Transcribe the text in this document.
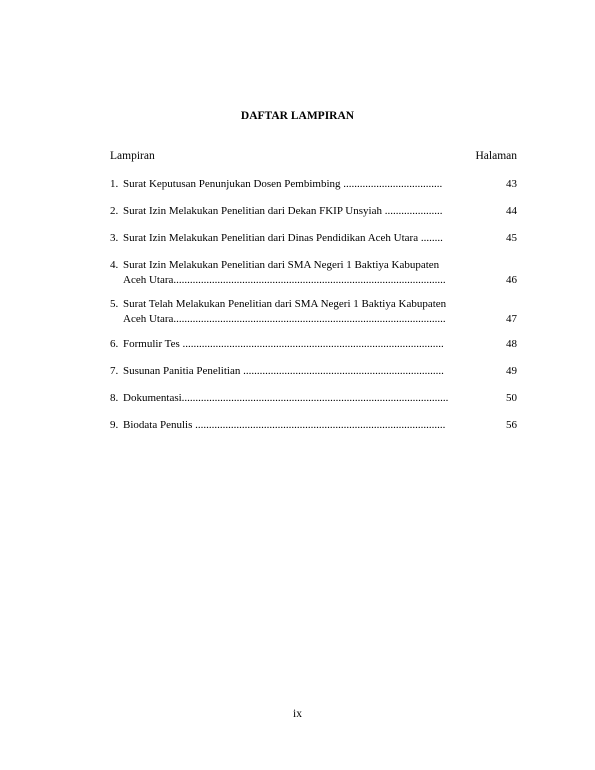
DAFTAR LAMPIRAN
Lampiran	Halaman
1. Surat Keputusan Penunjukan Dosen Pembimbing ....................................	43
2. Surat Izin Melakukan Penelitian dari Dekan FKIP Unsyiah .....................	44
3. Surat Izin Melakukan Penelitian dari Dinas Pendidikan Aceh Utara ........	45
4. Surat Izin Melakukan Penelitian dari SMA Negeri 1 Baktiya Kabupaten
Aceh Utara...................................................................................................	46
5. Surat Telah Melakukan Penelitian dari SMA Negeri 1 Baktiya Kabupaten
Aceh Utara...................................................................................................	47
6. Formulir Tes ...............................................................................................	48
7. Susunan Panitia Penelitian .........................................................................	49
8. Dokumentasi.................................................................................................	50
9. Biodata Penulis ...........................................................................................	56
ix
